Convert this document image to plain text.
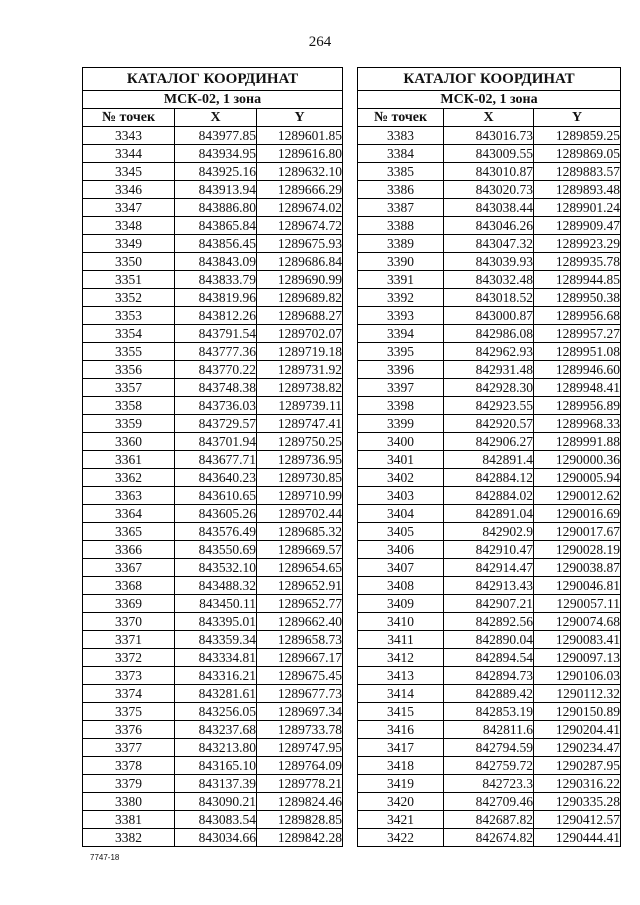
264
КАТАЛОГ КООРДИНАТ		
МСК-02, 1 зона		
№ точек	X	Y
3343	843977.85	1289601.85
3344	843934.95	1289616.80
3345	843925.16	1289632.10
3346	843913.94	1289666.29
3347	843886.80	1289674.02
3348	843865.84	1289674.72
3349	843856.45	1289675.93
3350	843843.09	1289686.84
3351	843833.79	1289690.99
3352	843819.96	1289689.82
3353	843812.26	1289688.27
3354	843791.54	1289702.07
3355	843777.36	1289719.18
3356	843770.22	1289731.92
3357	843748.38	1289738.82
3358	843736.03	1289739.11
3359	843729.57	1289747.41
3360	843701.94	1289750.25
3361	843677.71	1289736.95
3362	843640.23	1289730.85
3363	843610.65	1289710.99
3364	843605.26	1289702.44
3365	843576.49	1289685.32
3366	843550.69	1289669.57
3367	843532.10	1289654.65
3368	843488.32	1289652.91
3369	843450.11	1289652.77
3370	843395.01	1289662.40
3371	843359.34	1289658.73
3372	843334.81	1289667.17
3373	843316.21	1289675.45
3374	843281.61	1289677.73
3375	843256.05	1289697.34
3376	843237.68	1289733.78
3377	843213.80	1289747.95
3378	843165.10	1289764.09
3379	843137.39	1289778.21
3380	843090.21	1289824.46
3381	843083.54	1289828.85
3382	843034.66	1289842.28
КАТАЛОГ КООРДИНАТ		
МСК-02, 1 зона		
№ точек	X	Y
3383	843016.73	1289859.25
3384	843009.55	1289869.05
3385	843010.87	1289883.57
3386	843020.73	1289893.48
3387	843038.44	1289901.24
3388	843046.26	1289909.47
3389	843047.32	1289923.29
3390	843039.93	1289935.78
3391	843032.48	1289944.85
3392	843018.52	1289950.38
3393	843000.87	1289956.68
3394	842986.08	1289957.27
3395	842962.93	1289951.08
3396	842931.48	1289946.60
3397	842928.30	1289948.41
3398	842923.55	1289956.89
3399	842920.57	1289968.33
3400	842906.27	1289991.88
3401	842891.4	1290000.36
3402	842884.12	1290005.94
3403	842884.02	1290012.62
3404	842891.04	1290016.69
3405	842902.9	1290017.67
3406	842910.47	1290028.19
3407	842914.47	1290038.87
3408	842913.43	1290046.81
3409	842907.21	1290057.11
3410	842892.56	1290074.68
3411	842890.04	1290083.41
3412	842894.54	1290097.13
3413	842894.73	1290106.03
3414	842889.42	1290112.32
3415	842853.19	1290150.89
3416	842811.6	1290204.41
3417	842794.59	1290234.47
3418	842759.72	1290287.95
3419	842723.3	1290316.22
3420	842709.46	1290335.28
3421	842687.82	1290412.57
3422	842674.82	1290444.41
7747-18
